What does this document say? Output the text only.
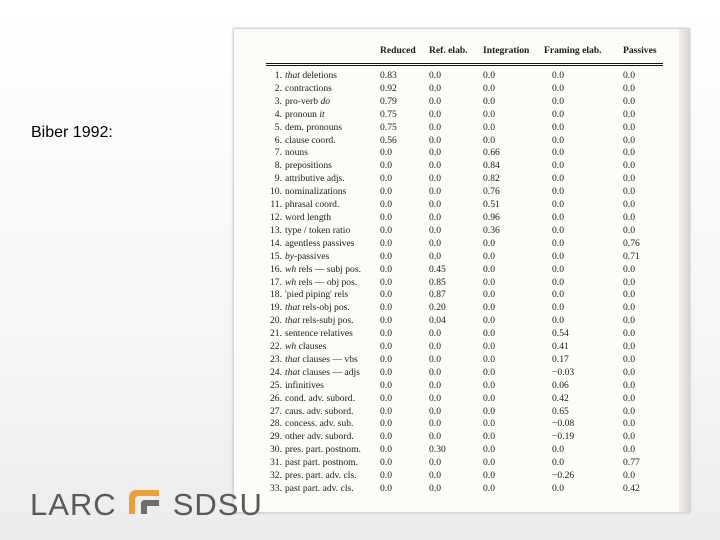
Biber 1992:
	Reduced	Ref. elab.	Integration	Framing elab.	Passives
1. that deletions	0.83	0.0	0.0	0.0	0.0
2. contractions	0.92	0.0	0.0	0.0	0.0
3. pro-verb do	0.79	0.0	0.0	0.0	0.0
4. pronoun it	0.75	0.0	0.0	0.0	0.0
5. dem. pronouns	0.75	0.0	0.0	0.0	0.0
6. clause coord.	0.56	0.0	0.0	0.0	0.0
7. nouns	0.0	0.0	0.66	0.0	0.0
8. prepositions	0.0	0.0	0.84	0.0	0.0
9. attributive adjs.	0.0	0.0	0.82	0.0	0.0
10. nominalizations	0.0	0.0	0.76	0.0	0.0
11. phrasal coord.	0.0	0.0	0.51	0.0	0.0
12. word length	0.0	0.0	0.96	0.0	0.0
13. type / token ratio	0.0	0.0	0.36	0.0	0.0
14. agentless passives	0.0	0.0	0.0	0.0	0.76
15. by-passives	0.0	0.0	0.0	0.0	0.71
16. wh rels — subj pos.	0.0	0.45	0.0	0.0	0.0
17. wh rels — obj pos.	0.0	0.85	0.0	0.0	0.0
18. 'pied piping' rels	0.0	0.87	0.0	0.0	0.0
19. that rels-obj pos.	0.0	0.20	0.0	0.0	0.0
20. that rels-subj pos.	0.0	0.04	0.0	0.0	0.0
21. sentence relatives	0.0	0.0	0.0	0.54	0.0
22. wh clauses	0.0	0.0	0.0	0.41	0.0
23. that clauses — vbs	0.0	0.0	0.0	0.17	0.0
24. that clauses — adjs	0.0	0.0	0.0	−0.03	0.0
25. infinitives	0.0	0.0	0.0	0.06	0.0
26. cond. adv. subord.	0.0	0.0	0.0	0.42	0.0
27. caus. adv. subord.	0.0	0.0	0.0	0.65	0.0
28. concess. adv. sub.	0.0	0.0	0.0	−0.08	0.0
29. other adv. subord.	0.0	0.0	0.0	−0.19	0.0
30. pres. part. postnom.	0.0	0.30	0.0	0.0	0.0
31. past part. postnom.	0.0	0.0	0.0	0.0	0.77
32. pres. part. adv. cls.	0.0	0.0	0.0	−0.26	0.0
33. past part. adv. cls.	0.0	0.0	0.0	0.0	0.42
LARC SDSU
